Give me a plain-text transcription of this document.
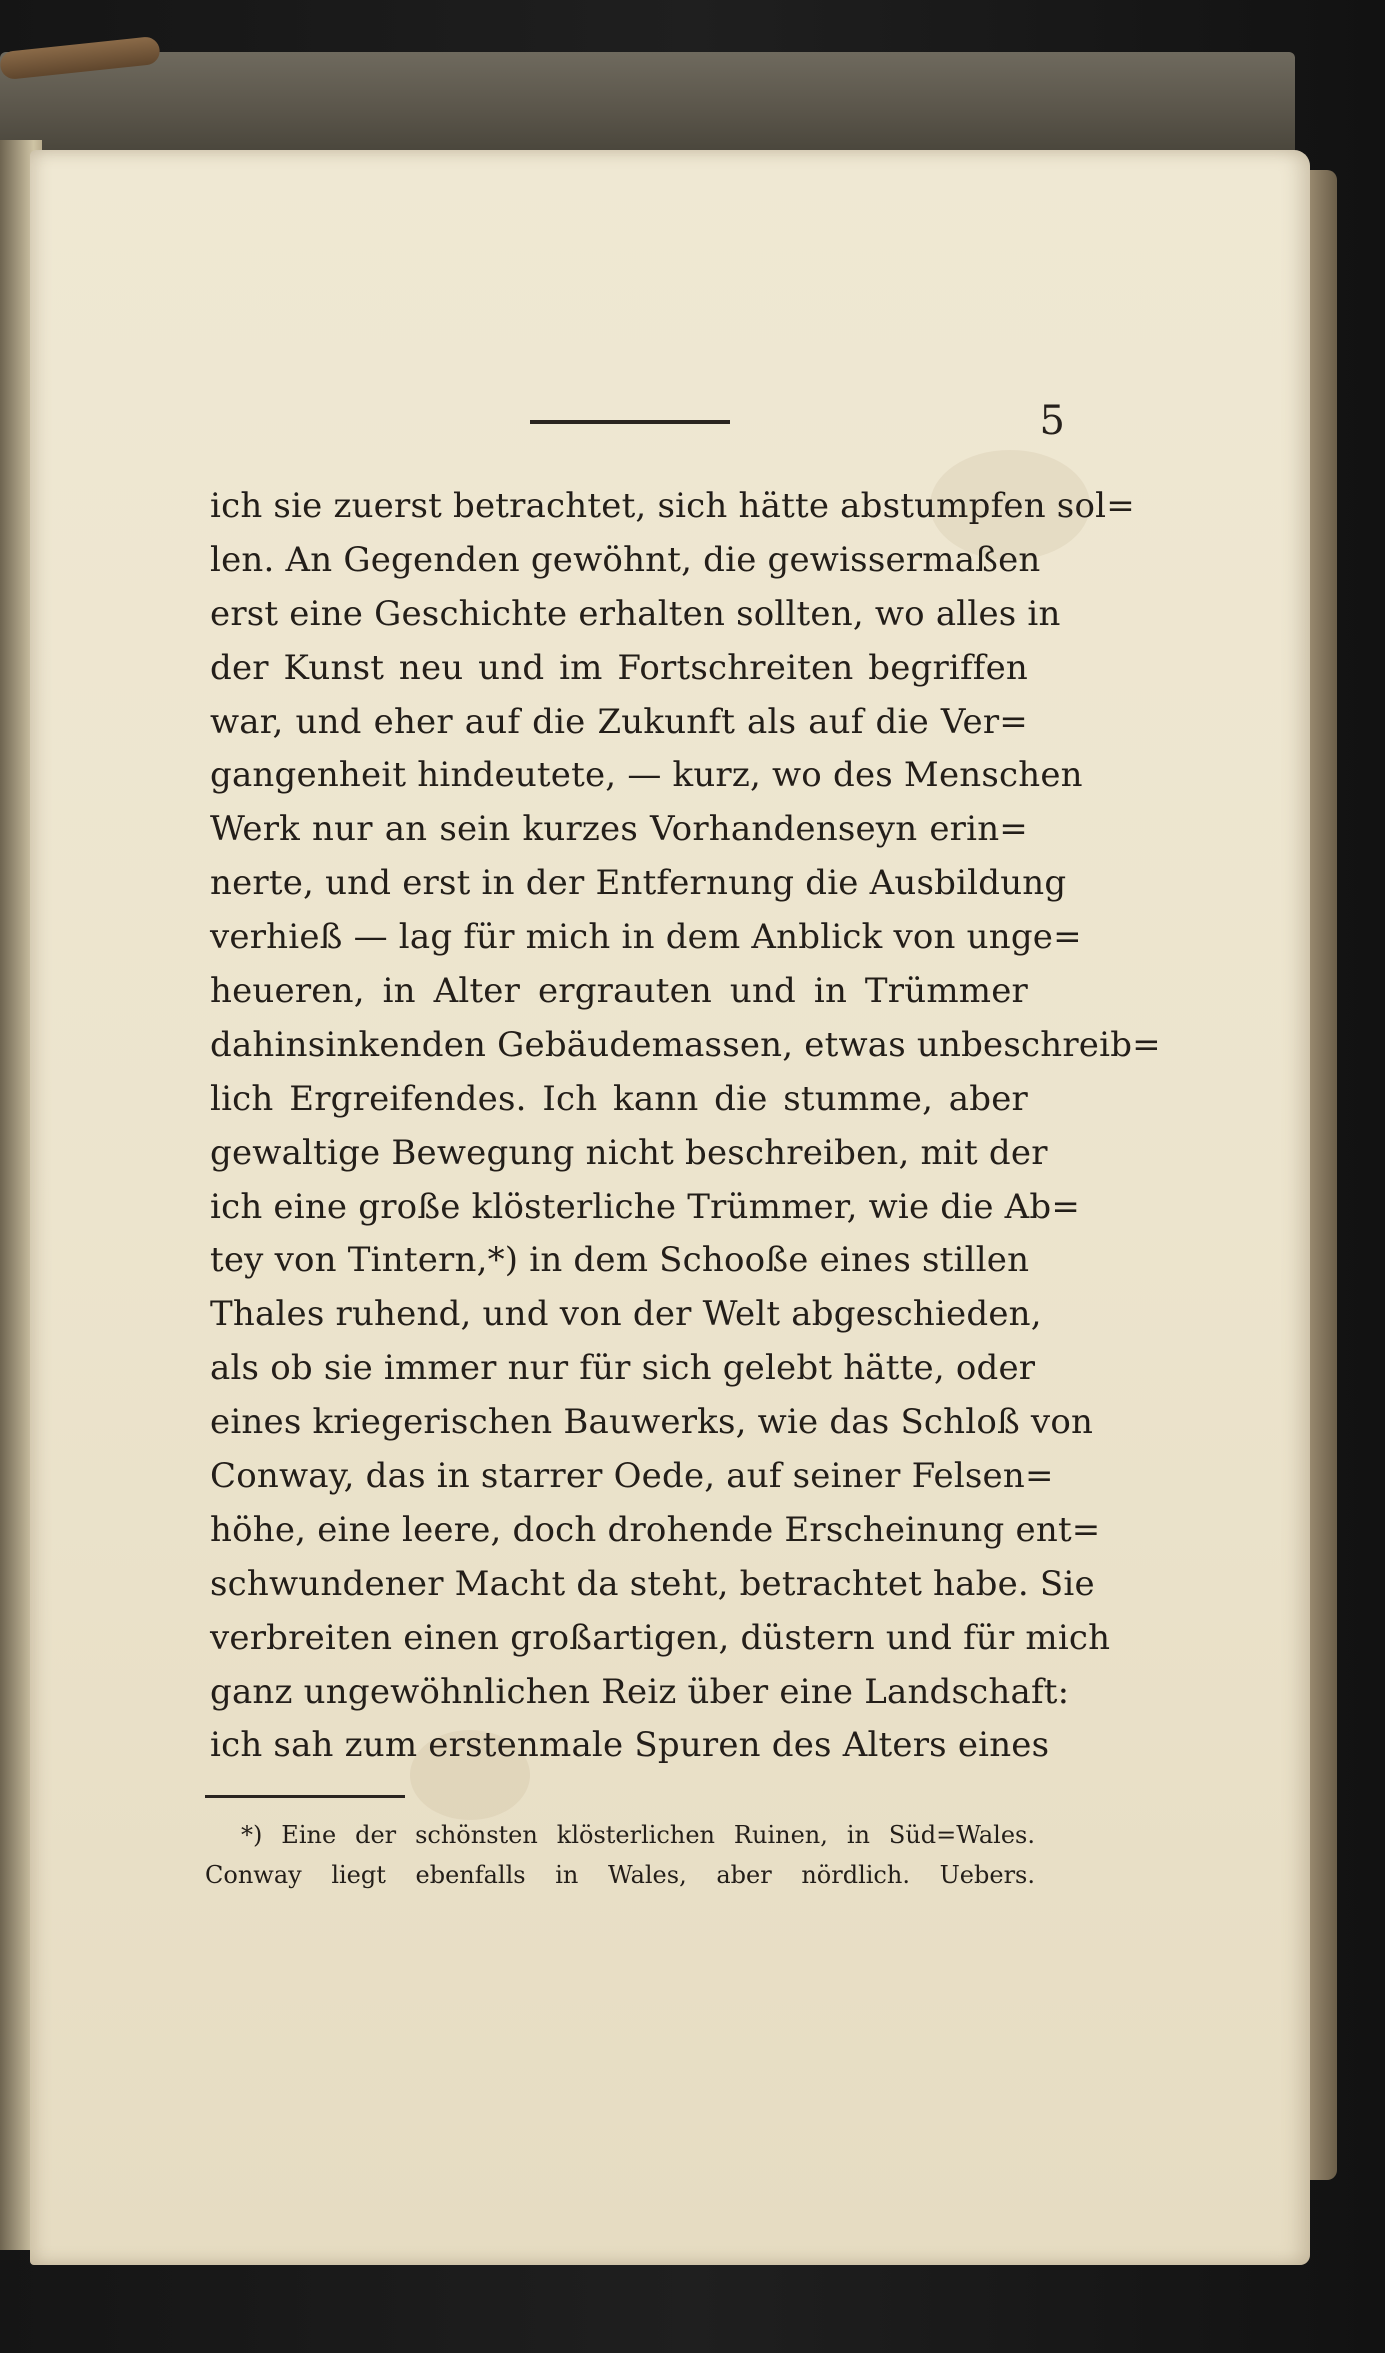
5
ich sie zuerst betrachtet, sich hätte abstumpfen sol=
len. An Gegenden gewöhnt, die gewissermaßen
erst eine Geschichte erhalten sollten, wo alles in
der Kunst neu und im Fortschreiten begriffen
war, und eher auf die Zukunft als auf die Ver=
gangenheit hindeutete, — kurz, wo des Menschen
Werk nur an sein kurzes Vorhandenseyn erin=
nerte, und erst in der Entfernung die Ausbildung
verhieß — lag für mich in dem Anblick von unge=
heueren, in Alter ergrauten und in Trümmer
dahinsinkenden Gebäudemassen, etwas unbeschreib=
lich Ergreifendes. Ich kann die stumme, aber
gewaltige Bewegung nicht beschreiben, mit der
ich eine große klösterliche Trümmer, wie die Ab=
tey von Tintern,*) in dem Schooße eines stillen
Thales ruhend, und von der Welt abgeschieden,
als ob sie immer nur für sich gelebt hätte, oder
eines kriegerischen Bauwerks, wie das Schloß von
Conway, das in starrer Oede, auf seiner Felsen=
höhe, eine leere, doch drohende Erscheinung ent=
schwundener Macht da steht, betrachtet habe. Sie
verbreiten einen großartigen, düstern und für mich
ganz ungewöhnlichen Reiz über eine Landschaft:
ich sah zum erstenmale Spuren des Alters eines
*) Eine der schönsten klösterlichen Ruinen, in Süd=Wales.
Conway liegt ebenfalls in Wales, aber nördlich. Uebers.
